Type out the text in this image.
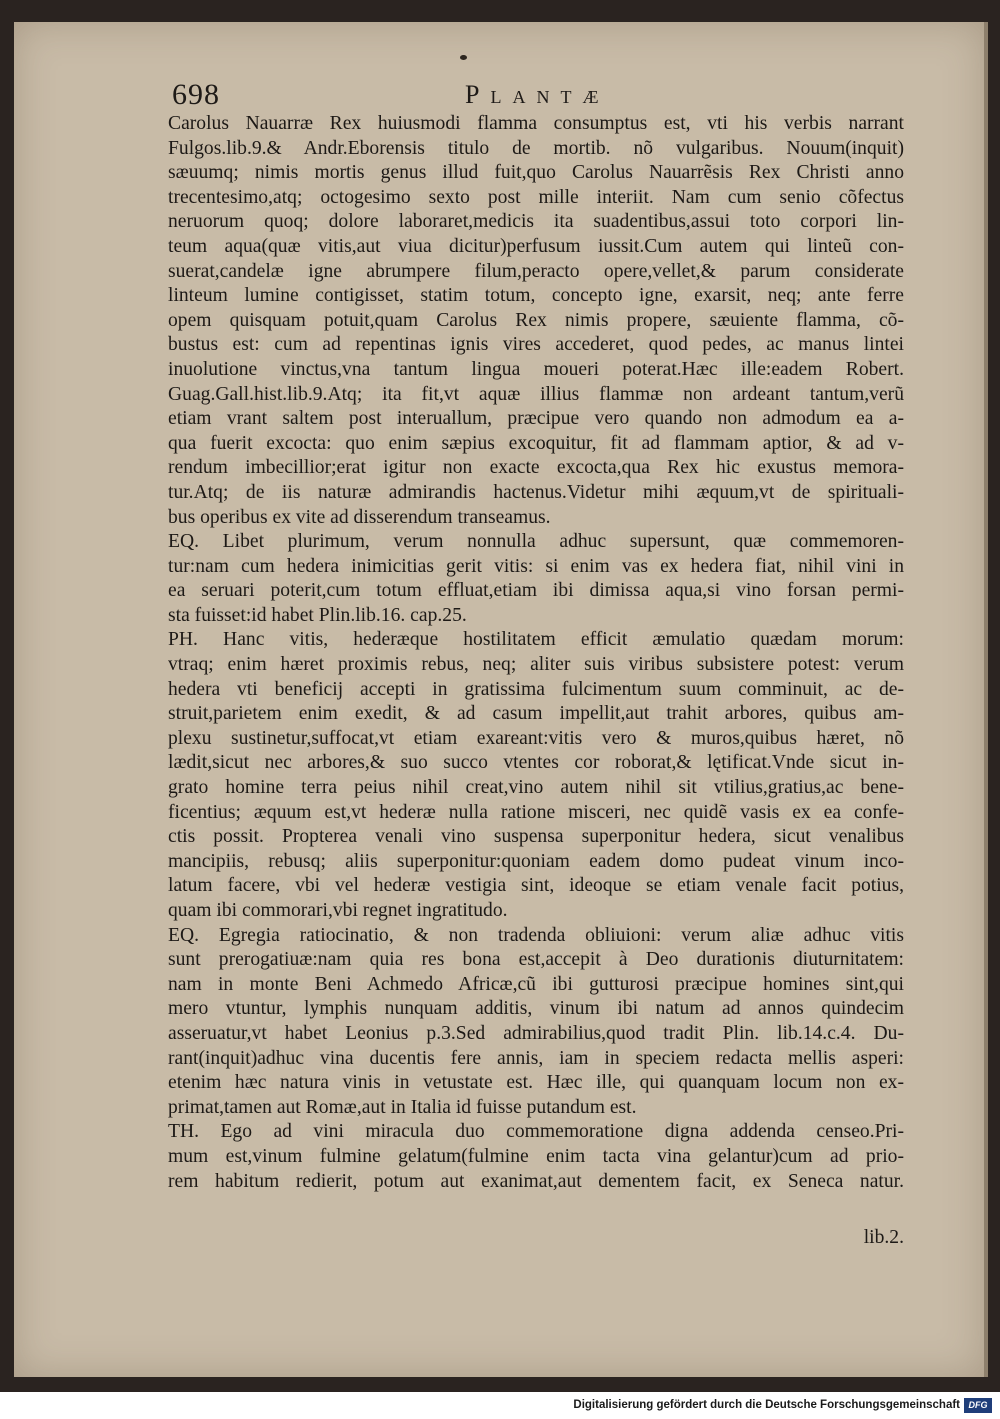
698	Plantæ
Carolus Nauarræ Rex huiusmodi flamma consumptus est, vti his verbis narrant
Fulgos.lib.9.& Andr.Eborensis titulo de mortib. nõ vulgaribus. Nouum(inquit)
sæuumq; nimis mortis genus illud fuit,quo Carolus Nauarrẽsis Rex Christi anno
trecentesimo,atq; octogesimo sexto post mille interiit. Nam cum senio cõfectus
neruorum quoq; dolore laboraret,medicis ita suadentibus,assui toto corpori lin-
teum aqua(quæ vitis,aut viua dicitur)perfusum iussit.Cum autem qui linteũ con-
suerat,candelæ igne abrumpere filum,peracto opere,vellet,& parum considerate
linteum lumine contigisset, statim totum, concepto igne, exarsit, neq; ante ferre
opem quisquam potuit,quam Carolus Rex nimis propere, sæuiente flamma, cõ-
bustus est: cum ad repentinas ignis vires accederet, quod pedes, ac manus lintei
inuolutione vinctus,vna tantum lingua moueri poterat.Hæc ille:eadem Robert.
Guag.Gall.hist.lib.9.Atq; ita fit,vt aquæ illius flammæ non ardeant tantum,verũ
etiam vrant saltem post interuallum, præcipue vero quando non admodum ea a-
qua fuerit excocta: quo enim sæpius excoquitur, fit ad flammam aptior, & ad v-
rendum imbecillior;erat igitur non exacte excocta,qua Rex hic exustus memora-
tur.Atq; de iis naturæ admirandis hactenus.Videtur mihi æquum,vt de spirituali-
bus operibus ex vite ad disserendum transeamus.
EQ. Libet plurimum, verum nonnulla adhuc supersunt, quæ commemoren-
tur:nam cum hedera inimicitias gerit vitis: si enim vas ex hedera fiat, nihil vini in
ea seruari poterit,cum totum effluat,etiam ibi dimissa aqua,si vino forsan permi-
sta fuisset:id habet Plin.lib.16. cap.25.
PH. Hanc vitis, hederæque hostilitatem efficit æmulatio quædam morum:
vtraq; enim hæret proximis rebus, neq; aliter suis viribus subsistere potest: verum
hedera vti beneficij accepti in gratissima fulcimentum suum comminuit, ac de-
struit,parietem enim exedit, & ad casum impellit,aut trahit arbores, quibus am-
plexu sustinetur,suffocat,vt etiam exareant:vitis vero & muros,quibus hæret, nõ
lædit,sicut nec arbores,& suo succo vtentes cor roborat,& lętificat.Vnde sicut in-
grato homine terra peius nihil creat,vino autem nihil sit vtilius,gratius,ac bene-
ficentius; æquum est,vt hederæ nulla ratione misceri, nec quidẽ vasis ex ea confe-
ctis possit. Propterea venali vino suspensa superponitur hedera, sicut venalibus
mancipiis, rebusq; aliis superponitur:quoniam eadem domo pudeat vinum inco-
latum facere, vbi vel hederæ vestigia sint, ideoque se etiam venale facit potius,
quam ibi commorari,vbi regnet ingratitudo.
EQ. Egregia ratiocinatio, & non tradenda obliuioni: verum aliæ adhuc vitis
sunt prerogatiuæ:nam quia res bona est,accepit à Deo durationis diuturnitatem:
nam in monte Beni Achmedo Africæ,cũ ibi gutturosi præcipue homines sint,qui
mero vtuntur, lymphis nunquam additis, vinum ibi natum ad annos quindecim
asseruatur,vt habet Leonius p.3.Sed admirabilius,quod tradit Plin. lib.14.c.4. Du-
rant(inquit)adhuc vina ducentis fere annis, iam in speciem redacta mellis asperi:
etenim hæc natura vinis in vetustate est. Hæc ille, qui quanquam locum non ex-
primat,tamen aut Romæ,aut in Italia id fuisse putandum est.
TH. Ego ad vini miracula duo commemoratione digna addenda censeo.Pri-
mum est,vinum fulmine gelatum(fulmine enim tacta vina gelantur)cum ad prio-
rem habitum redierit, potum aut exanimat,aut dementem facit, ex Seneca natur.
lib.2.
Digitalisierung gefördert durch die Deutsche Forschungsgemeinschaft DFG
